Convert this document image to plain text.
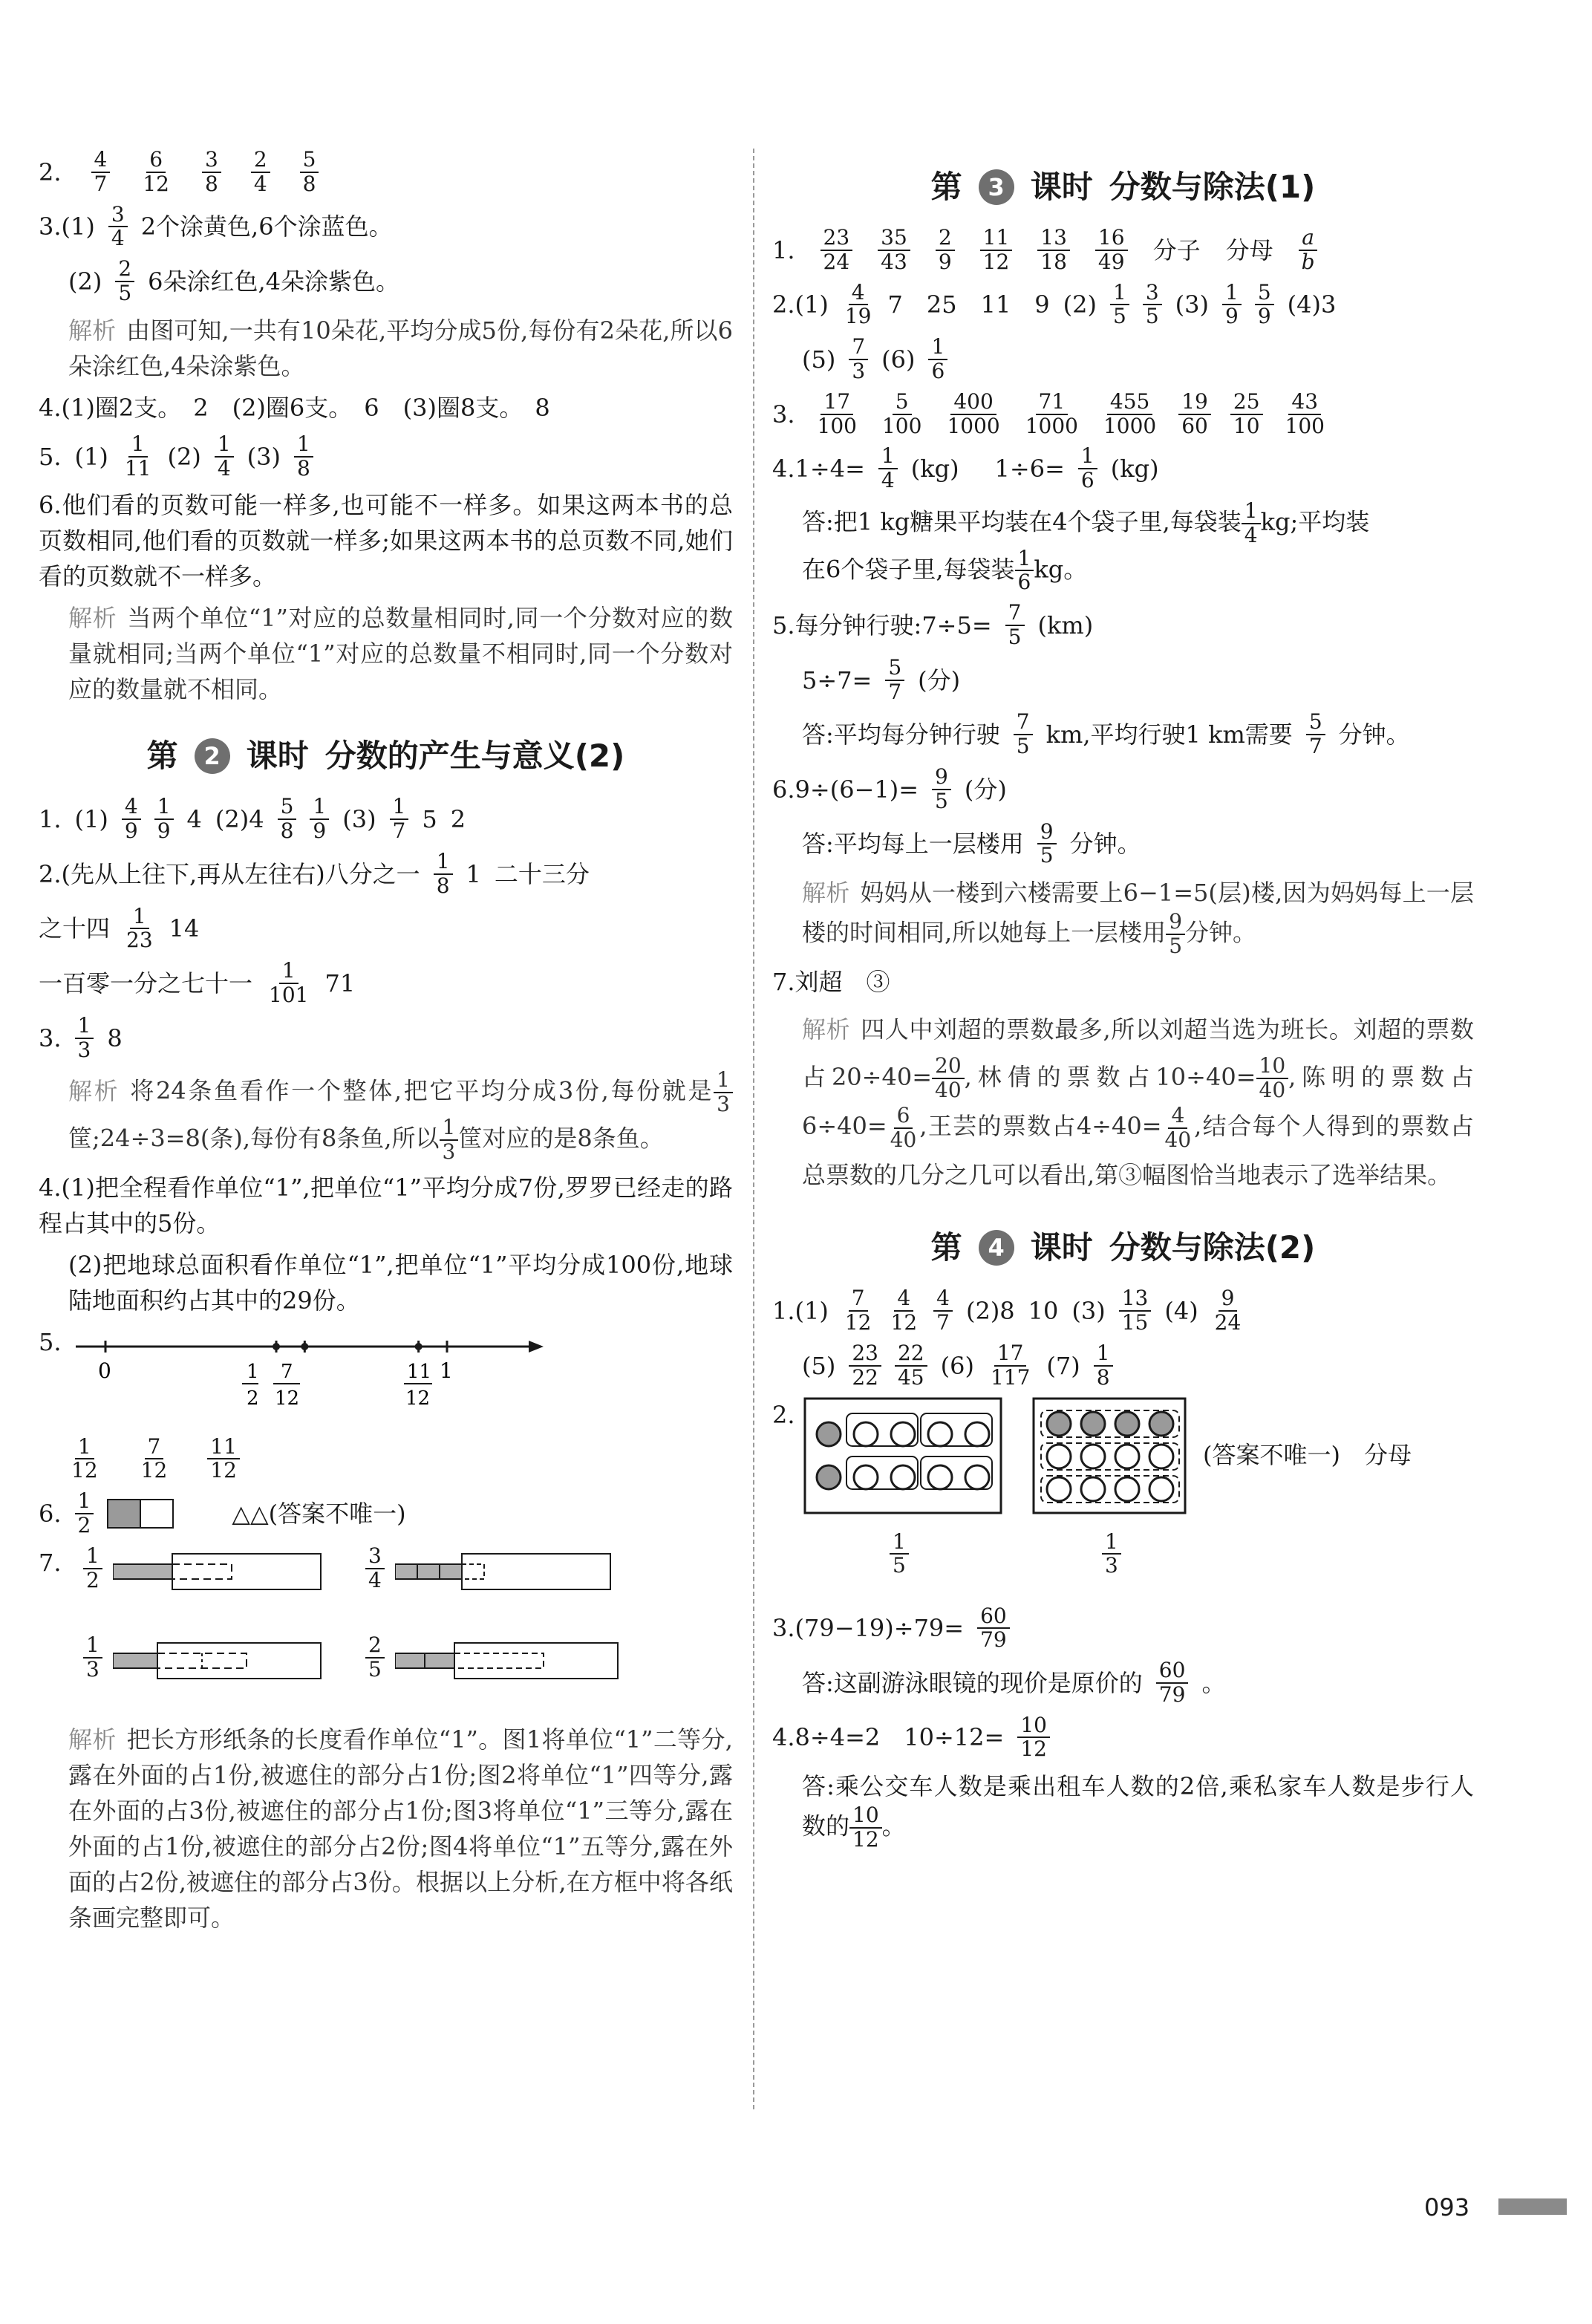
2. $\frac{4}{7} \frac{6}{12} \frac{3}{8} \frac{2}{4} \frac{5}{8}$
$3.(1) \frac{3}{4} 2$个涂黄色,6个涂蓝色。
$(2) \frac{2}{5} 6$朵涂红色,4朵涂紫色。
解析 由图可知,一共有10朵花,平均分成5份,每份有2朵花,所以6朵涂红色,4朵涂紫色。
4.(1)圈2支。　2　(2)圈6支。　6　(3)圈8支。　8
5. $(1) \frac{1}{11} (2) \frac{1}{4} (3) \frac{1}{8}$
6.他们看的页数可能一样多,也可能不一样多。如果这两本书的总页数相同,他们看的页数就一样多;如果这两本书的总页数不同,她们看的页数就不一样多。
解析 当两个单位“1”对应的总数量相同时,同一个分数对应的数量就相同;当两个单位“1”对应的总数量不相同时,同一个分数对应的数量就不相同。
第	2 课时 分数的产生与意义(2)
1. $(1) \frac{4}{9} \frac{1}{9} 4$ $(2)4 \frac{5}{8} \frac{1}{9} (3) \frac{1}{7} 5$ 2
2.(先从上往下,再从左往右)八分之一 $\frac{1}{8} 1$ 二十三分
之十四 $\frac{1}{23} 14$
一百零一分之七十一 $\frac{1}{101} 71$
3. $\frac{1}{3} 8$
解析 将24条鱼看作一个整体,把它平均分成3份,每份就是 $\frac{1}{3}$
筐;24÷3=8(条),每份有8条鱼,所以 $\frac{1}{3}$ 筐对应的是8条鱼。
4.(1)把全程看作单位“1”,把单位“1”平均分成7份,罗罗已经走的路程占其中的5份。
(2)把地球总面积看作单位“1”,把单位“1”平均分成100份,地球陆地面积约占其中的29份。
5.
0	1
1
2
7
12
11
12
$\frac{1}{12} \frac{7}{12} \frac{11}{12}$
6. $\frac{1}{2}$	△△(答案不唯一)
7. $\frac{1}{2}$	$\frac{3}{4}$
$\frac{1}{3}$	$\frac{2}{5}$
解析 把长方形纸条的长度看作单位“1”。图1将单位“1”二等分,露在外面的占1份,被遮住的部分占1份;图2将单位“1”四等分,露在外面的占3份,被遮住的部分占1份;图3将单位“1”三等分,露在外面的占1份,被遮住的部分占2份;图4将单位“1”五等分,露在外面的占2份,被遮住的部分占3份。根据以上分析,在方框中将各纸条画完整即可。
第	3 课时 分数与除法(1)
1. $\frac{23}{24} \frac{35}{43} \frac{2}{9} \frac{11}{12} \frac{13}{18} \frac{16}{49}$ 分子 分母 $\frac{a}{b}$
$2.(1) \frac{4}{19} 7$　25　11　9 $(2) \frac{1}{5} \frac{3}{5} (3) \frac{1}{9} \frac{5}{9} (4)3$
$(5) \frac{7}{3} (6) \frac{1}{6}$
3. $\frac{17}{100} \frac{5}{100} \frac{400}{1000} \frac{71}{1000} \frac{455}{1000} \frac{19}{60} \frac{25}{10} \frac{43}{100}$
$4.1\div 4= \frac{1}{4} (kg)$ $1\div 6= \frac{1}{6} (kg)$
答:把1 kg糖果平均装在4个袋子里,每袋装 $\frac{1}{4}$ kg;平均装
在6个袋子里,每袋装 $\frac{1}{6}$ kg。
5.每分钟行驶:7÷5= $\frac{7}{5} (km)$
$5\div 7= \frac{5}{7}$ (分)
答:平均每分钟行驶 $\frac{7}{5}$ km,平均行驶1 km需要 $\frac{5}{7}$ 分钟。
$6.9\div(6-1)= \frac{9}{5}$ (分)
答:平均每上一层楼用 $\frac{9}{5}$ 分钟。
解析 妈妈从一楼到六楼需要上6−1=5(层)楼,因为妈妈每上一层楼的时间相同,所以她每上一层楼用 $\frac{9}{5}$ 分钟。
7.刘超　③
解析 四人中刘超的票数最多,所以刘超当选为班长。刘超的票数占$20\div 40= \frac{20}{40}$ ,林倩的票数占$10\div 40= \frac{10}{40}$ ,陈明的票数占$6\div 40= \frac{6}{40}$ ,王芸的票数占$4\div 40= \frac{4}{40}$ ,结合每个人得到的票数占总票数的几分之几可以看出,第③幅图恰当地表示了选举结果。
第	4 课时 分数与除法(2)
$1.(1) \frac{7}{12} \frac{4}{12} \frac{4}{7} (2)8$ 10 $(3) \frac{13}{15} (4) \frac{9}{24}$
$(5) \frac{23}{22} \frac{22}{45} (6) \frac{17}{117} (7) \frac{1}{8}$
2.
(答案不唯一)　分母
$\frac{1}{5}$	$\frac{1}{3}$
$3.(79-19)\div 79= \frac{60}{79}$
答:这副游泳眼镜的现价是原价的 $\frac{60}{79}$ 。
4.8÷4=2　$10\div 12= \frac{10}{12}$
答:乘公交车人数是乘出租车人数的2倍,乘私家车人数是步行人数的 $\frac{10}{12}$ 。
093
